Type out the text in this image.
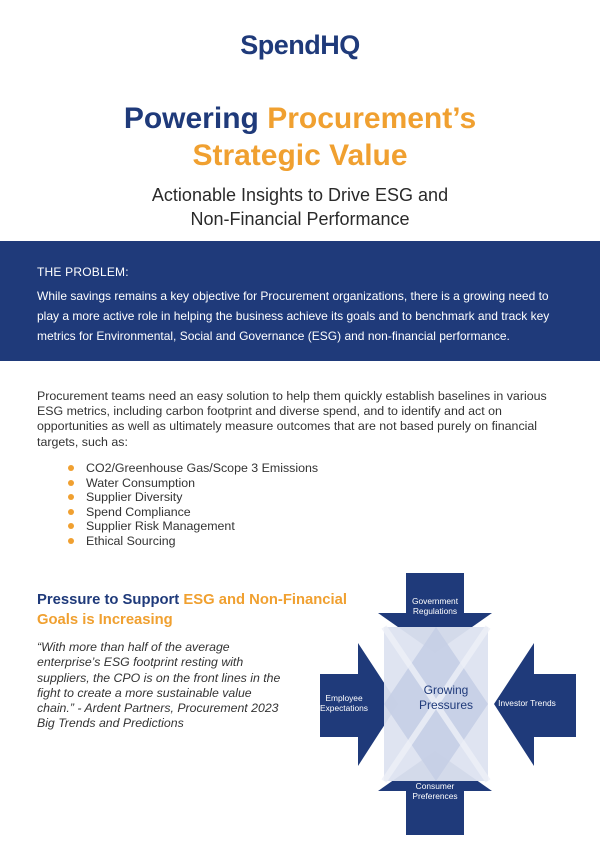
SpendHQ
Powering Procurement’s
Strategic Value
Actionable Insights to Drive ESG and
Non-Financial Performance
THE PROBLEM:
While savings remains a key objective for Procurement organizations, there is a growing need to play a more active role in helping the business achieve its goals and to benchmark and track key metrics for Environmental, Social and Governance (ESG) and non-financial performance.
Procurement teams need an easy solution to help them quickly establish baselines in various ESG metrics, including carbon footprint and diverse spend, and to identify and act on opportunities as well as ultimately measure outcomes that are not based purely on financial targets, such as:
CO2/Greenhouse Gas/Scope 3 Emissions
Water Consumption
Supplier Diversity
Spend Compliance
Supplier Risk Management
Ethical Sourcing
Pressure to Support ESG and Non-Financial
Goals is Increasing
“With more than half of the average enterprise’s ESG footprint resting with suppliers, the CPO is on the front lines in the fight to create a more sustainable value chain.” - Ardent Partners, Procurement 2023 Big Trends and Predictions
Government
Regulations
Employee
Expectations
Investor Trends
Consumer
Preferences
Growing
Pressures
